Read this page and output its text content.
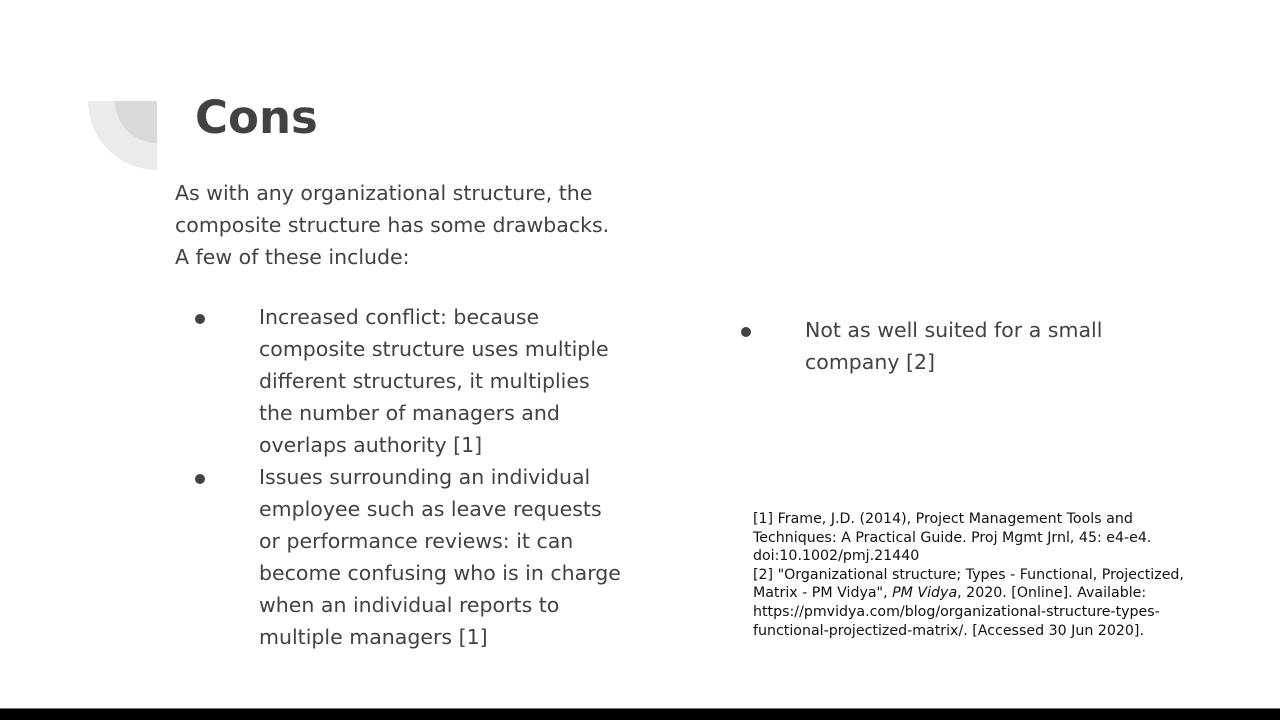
Cons
As with any organizational structure, the composite structure has some drawbacks. A few of these include:
Increased conflict: because composite structure uses multiple different structures, it multiplies the number of managers and overlaps authority [1]
Issues surrounding an individual employee such as leave requests or performance reviews: it can become confusing who is in charge when an individual reports to multiple managers [1]
Not as well suited for a small company [2]

[1] Frame, J.D. (2014), Project Management Tools and Techniques: A Practical Guide. Proj Mgmt Jrnl, 45: e4-e4. doi:10.1002/pmj.21440

[2] "Organizational structure; Types - Functional, Projectized, Matrix - PM Vidya", PM Vidya, 2020. [Online]. Available: https://pmvidya.com/blog/organizational-structure-types-functional-projectized-matrix/. [Accessed 30 Jun 2020].
